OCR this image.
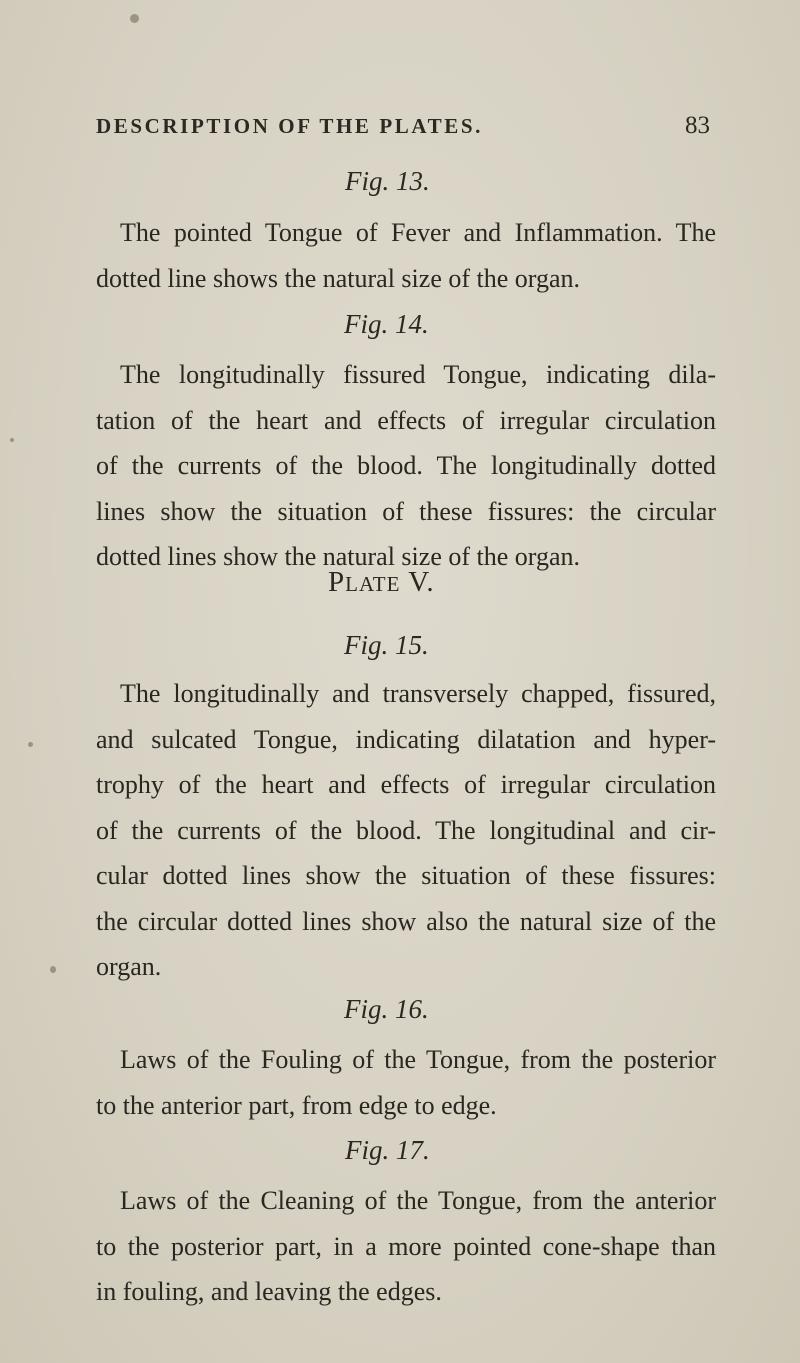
DESCRIPTION OF THE PLATES.	83
Fig. 13.
The pointed Tongue of Fever and Inflammation. The
dotted line shows the natural size of the organ.
Fig. 14.
The longitudinally fissured Tongue, indicating dila-
tation of the heart and effects of irregular circulation
of the currents of the blood. The longitudinally dotted
lines show the situation of these fissures: the circular
dotted lines show the natural size of the organ.
PLATE V.
Fig. 15.
The longitudinally and transversely chapped, fissured,
and sulcated Tongue, indicating dilatation and hyper-
trophy of the heart and effects of irregular circulation
of the currents of the blood. The longitudinal and cir-
cular dotted lines show the situation of these fissures:
the circular dotted lines show also the natural size of the
organ.
Fig. 16.
Laws of the Fouling of the Tongue, from the posterior
to the anterior part, from edge to edge.
Fig. 17.
Laws of the Cleaning of the Tongue, from the anterior
to the posterior part, in a more pointed cone-shape than
in fouling, and leaving the edges.
